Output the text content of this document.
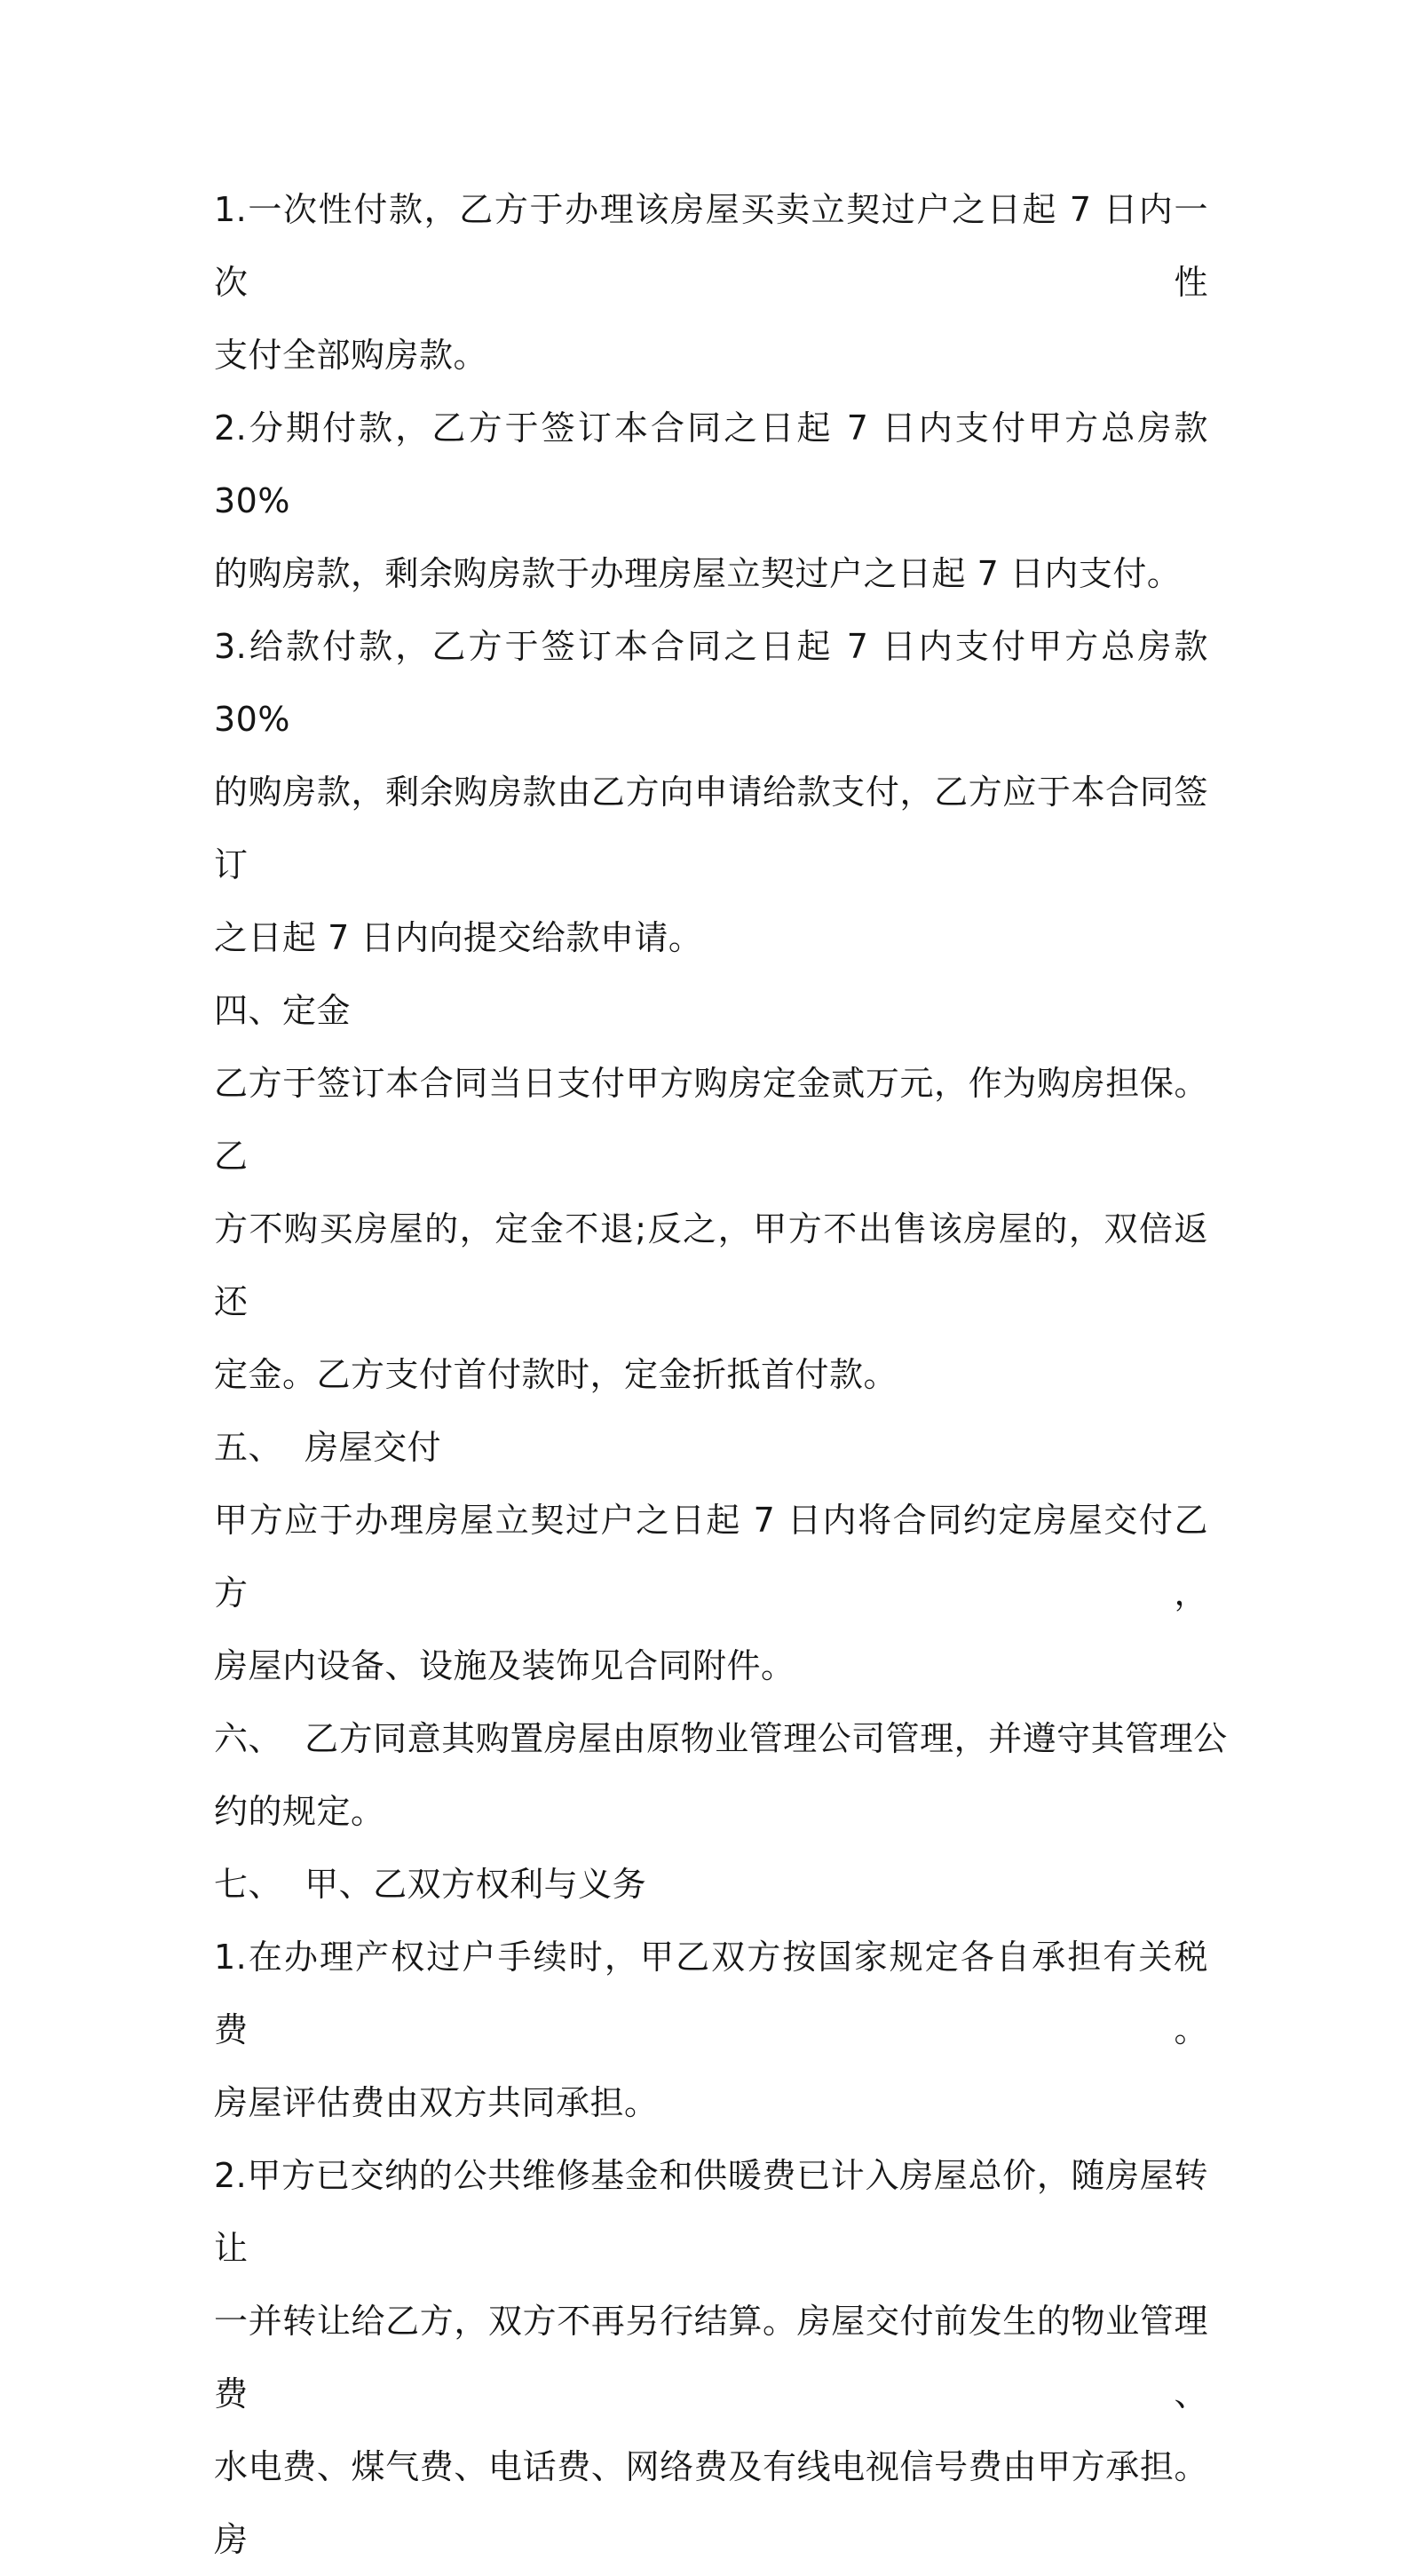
1.一次性付款，乙方于办理该房屋买卖立契过户之日起 7 日内一次性
支付全部购房款。
2.分期付款，乙方于签订本合同之日起 7 日内支付甲方总房款 30%
的购房款，剩余购房款于办理房屋立契过户之日起 7 日内支付。
3.给款付款，乙方于签订本合同之日起 7 日内支付甲方总房款 30%
的购房款，剩余购房款由乙方向申请给款支付，乙方应于本合同签订
之日起 7 日内向提交给款申请。
四、定金
乙方于签订本合同当日支付甲方购房定金贰万元，作为购房担保。乙
方不购买房屋的，定金不退;反之，甲方不出售该房屋的，双倍返还
定金。乙方支付首付款时，定金折抵首付款。
五、  房屋交付
甲方应于办理房屋立契过户之日起 7 日内将合同约定房屋交付乙方，
房屋内设备、设施及装饰见合同附件。
六、  乙方同意其购置房屋由原物业管理公司管理，并遵守其管理公
约的规定。
七、  甲、乙双方权利与义务
1.在办理产权过户手续时，甲乙双方按国家规定各自承担有关税费。
房屋评估费由双方共同承担。
2.甲方已交纳的公共维修基金和供暖费已计入房屋总价，随房屋转让
一并转让给乙方，双方不再另行结算。房屋交付前发生的物业管理费、
水电费、煤气费、电话费、网络费及有线电视信号费由甲方承担。房
